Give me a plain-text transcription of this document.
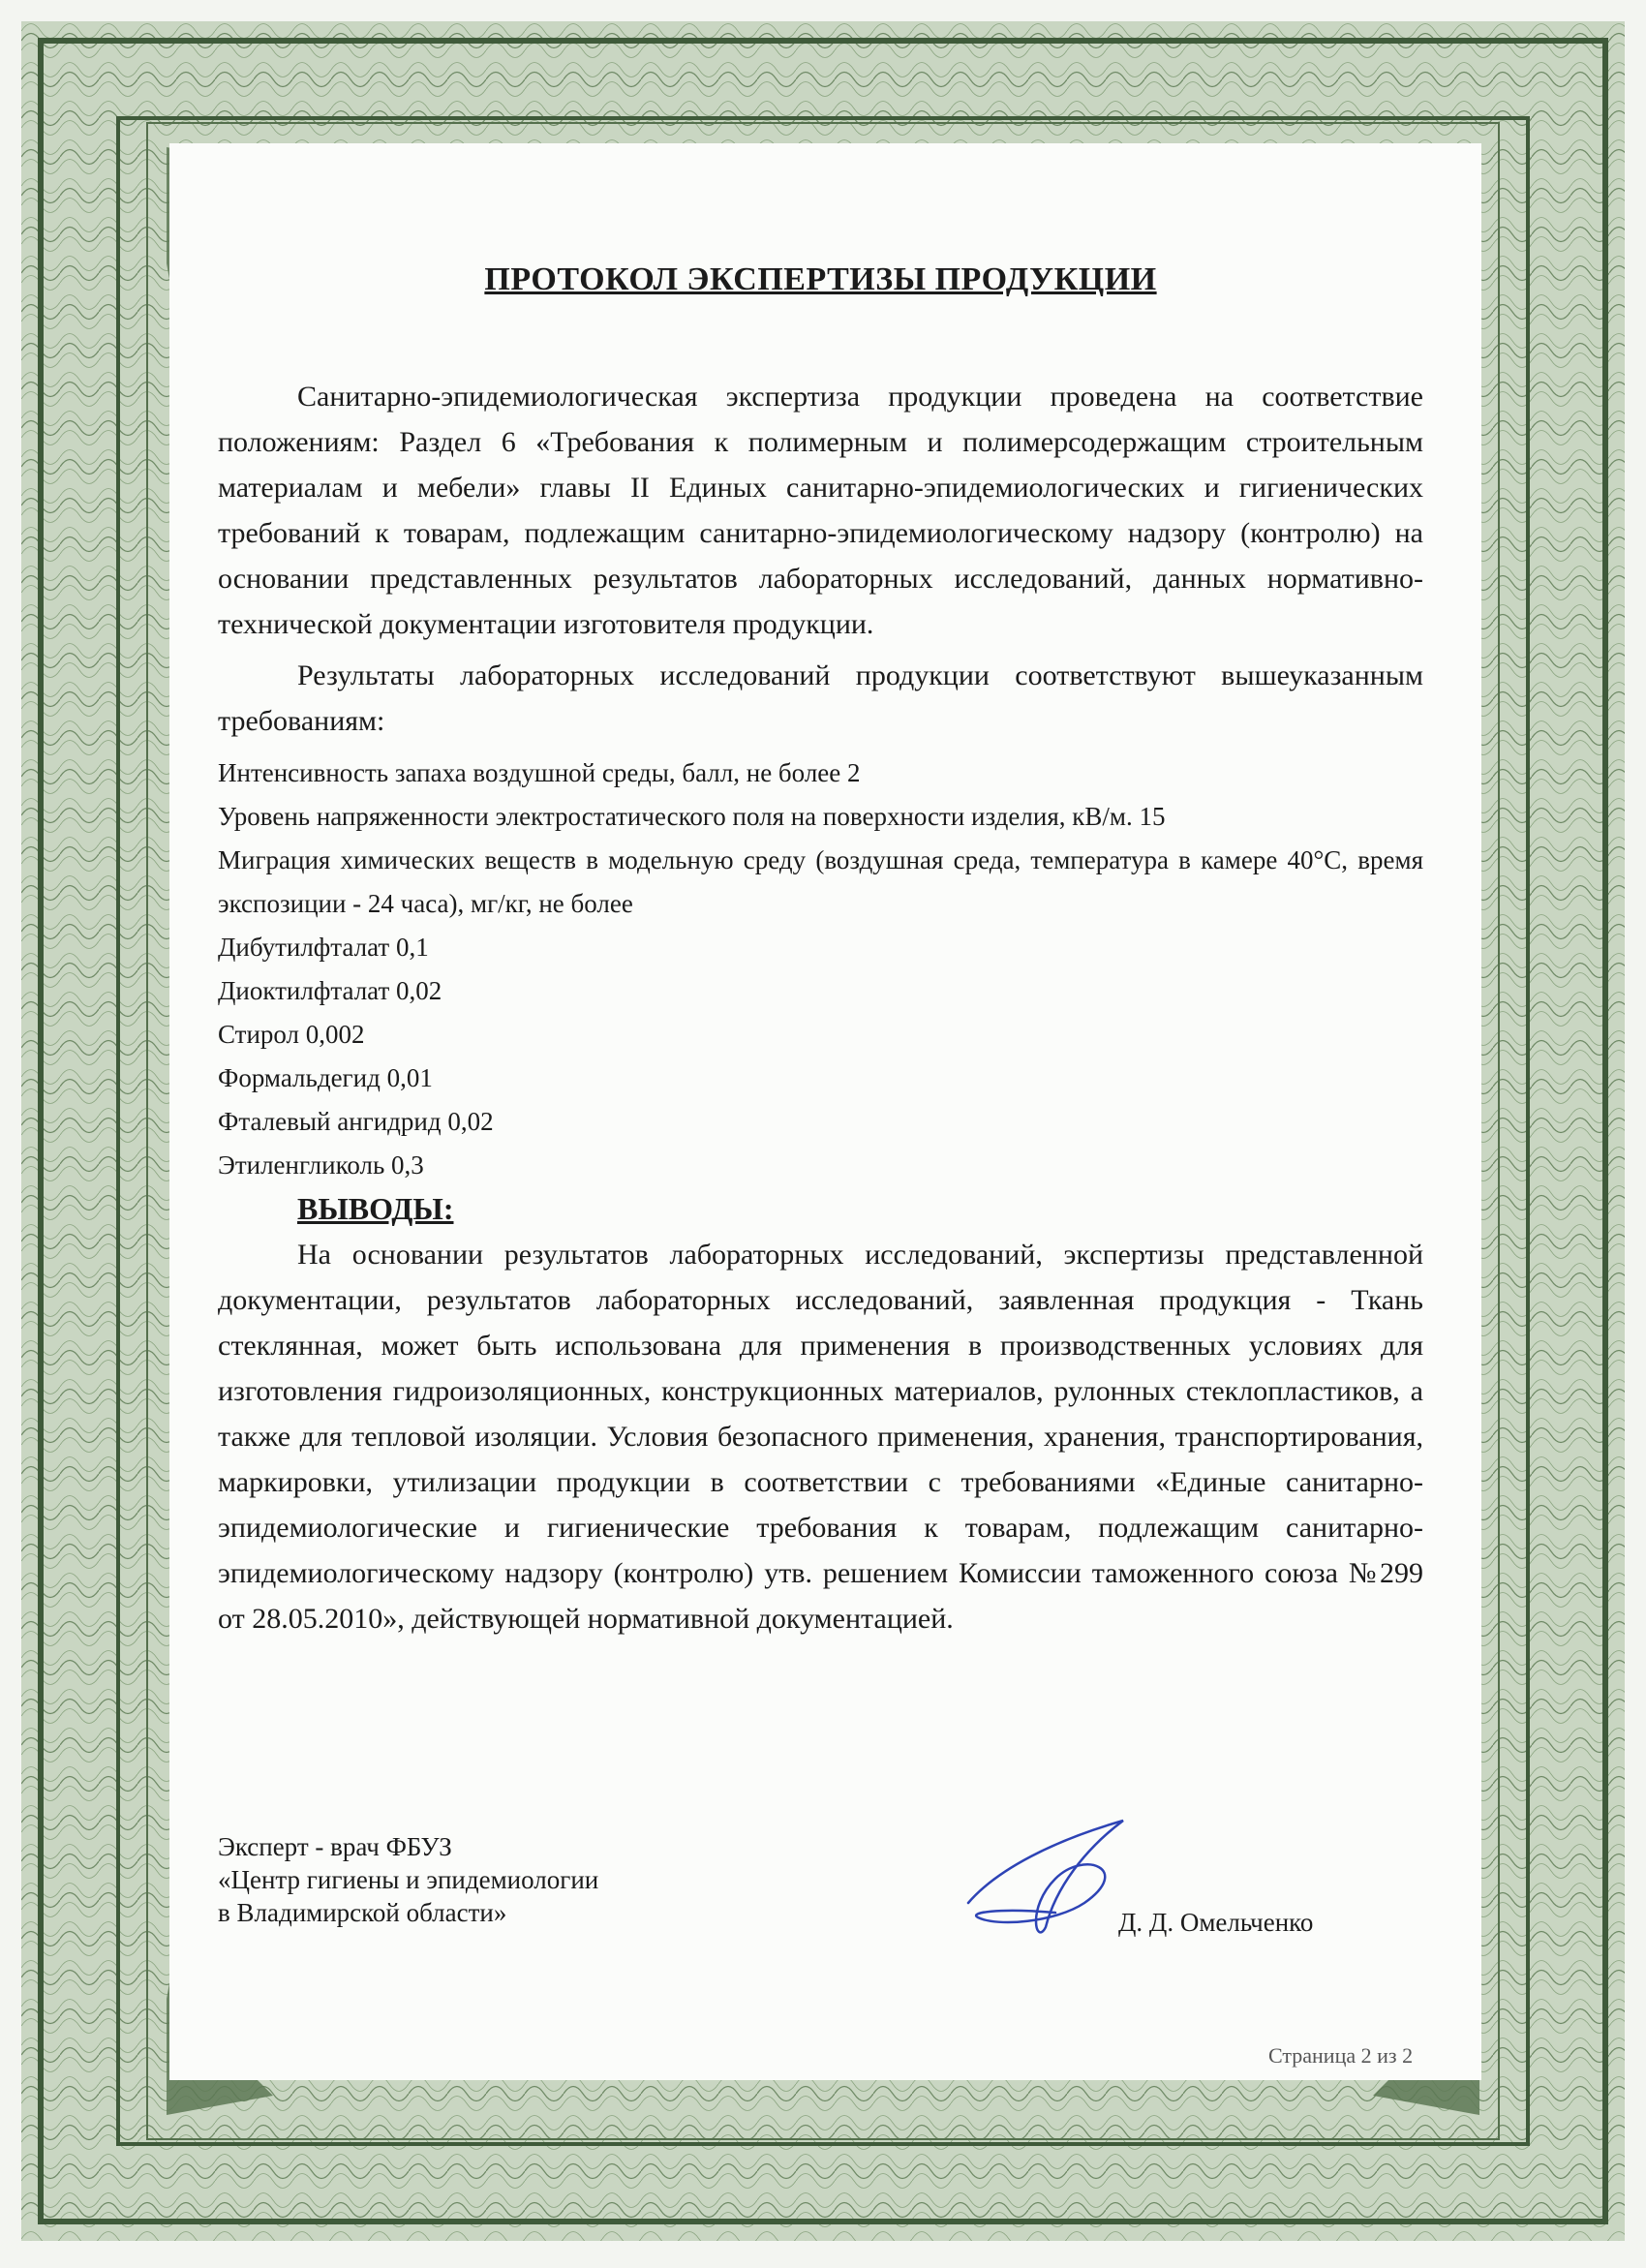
ПРОТОКОЛ ЭКСПЕРТИЗЫ ПРОДУКЦИИ

Санитарно-эпидемиологическая экспертиза продукции проведена на соответствие положениям: Раздел 6 «Требования к полимерным и полимерсодержащим строительным материалам и мебели» главы II Единых санитарно-эпидемиологических и гигиенических требований к товарам, подлежащим санитарно-эпидемиологическому надзору (контролю) на основании представленных результатов лабораторных исследований, данных нормативно-технической документации изготовителя продукции.

Результаты лабораторных исследований продукции соответствуют вышеуказанным требованиям:

Интенсивность запаха воздушной среды, балл, не более 2

Уровень напряженности электростатического поля на поверхности изделия, кВ/м. 15

Миграция химических веществ в модельную среду (воздушная среда, температура в камере 40°С, время экспозиции - 24 часа), мг/кг, не более

Дибутилфталат 0,1

Диоктилфталат 0,02

Стирол 0,002

Формальдегид 0,01

Фталевый ангидрид 0,02

Этиленгликоль 0,3

ВЫВОДЫ:

На основании результатов лабораторных исследований, экспертизы представленной документации, результатов лабораторных исследований, заявленная продукция - Ткань стеклянная, может быть использована для применения в производственных условиях для изготовления гидроизоляционных, конструкционных материалов, рулонных стеклопластиков, а также для тепловой изоляции. Условия безопасного применения, хранения, транспортирования, маркировки, утилизации продукции в соответствии с требованиями «Единые санитарно-эпидемиологические и гигиенические требования к товарам, подлежащим санитарно-эпидемиологическому надзору (контролю) утв. решением Комиссии таможенного союза №299 от 28.05.2010», действующей нормативной документацией.

Эксперт - врач ФБУЗ
«Центр гигиены и эпидемиологии
в Владимирской области»	Д. Д. Омельченко
Страница 2 из 2
